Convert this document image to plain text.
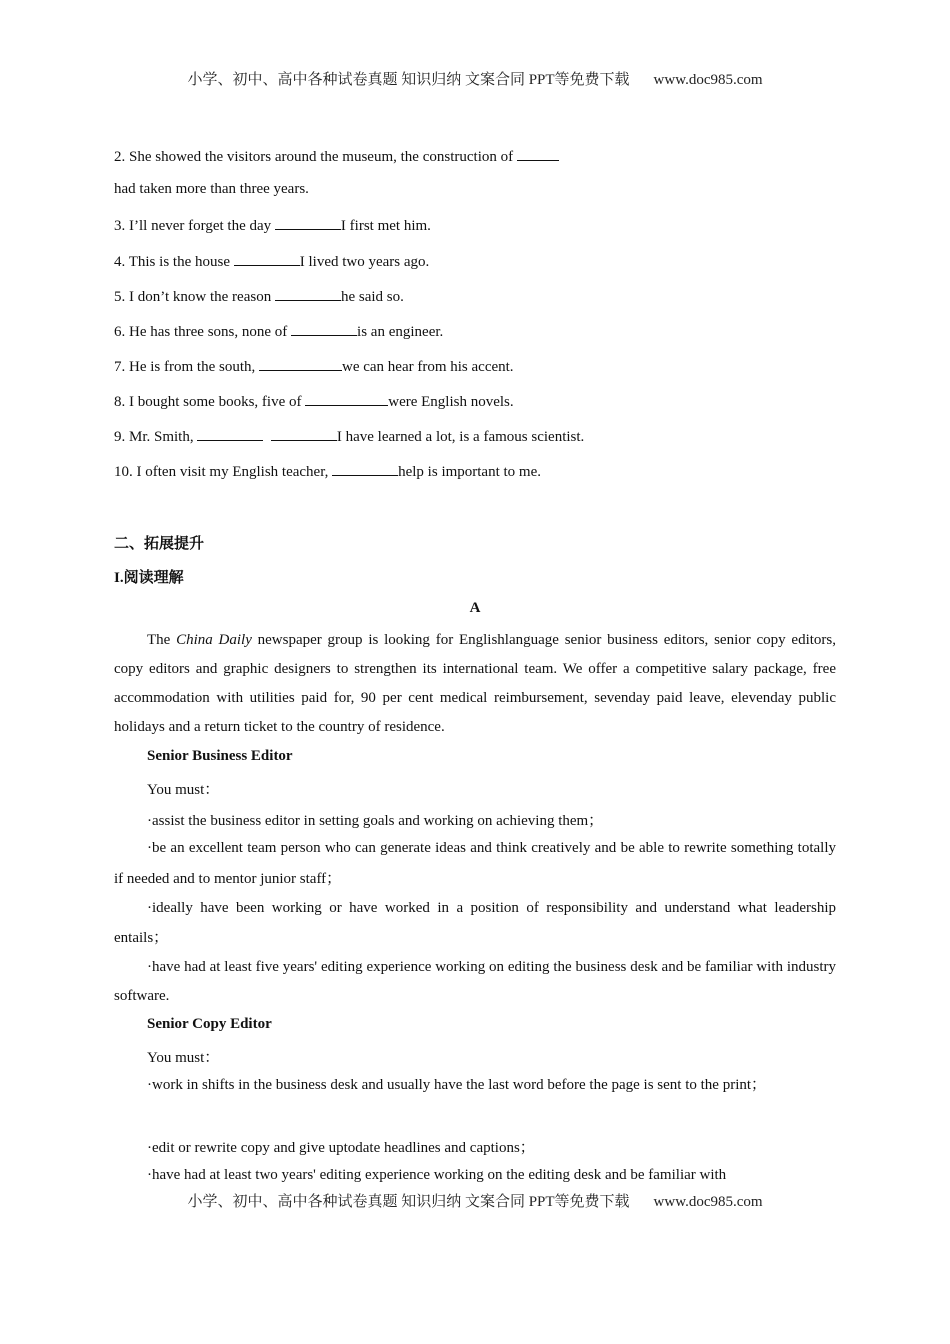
小学、初中、高中各种试卷真题 知识归纳 文案合同 PPT等免费下载 www.doc985.com
2. She showed the visitors around the museum, the construction of
had taken more than three years.
3. I’ll never forget the day	I first met him.
4. This is the house	I lived two years ago.
5. I don’t know the reason	he said so.
6. He has three sons, none of	is an engineer.
7. He is from the south,	we can hear from his accent.
8. I bought some books, five of	were English novels.
9. Mr. Smith,	I have learned a lot, is a famous scientist.
10. I often visit my English teacher,	help is important to me.
二、拓展提升
I.阅读理解
A
The China Daily newspaper group is looking for Englishlanguage senior business editors, senior copy editors, copy editors and graphic designers to strengthen its international team. We offer a competitive salary package, free accommodation with utilities paid for, 90 per cent medical reimbursement, sevenday paid leave, elevenday public holidays and a return ticket to the country of residence.
Senior Business Editor
You must：
·assist the business editor in setting goals and working on achieving them；
·be an excellent team person who can generate ideas and think creatively and be able to rewrite something totally if needed and to mentor junior staff；
·ideally have been working or have worked in a position of responsibility and understand what leadership entails；
·have had at least five years' editing experience working on editing the business desk and be familiar with industry software.
Senior Copy Editor
You must：
·work in shifts in the business desk and usually have the last word before the page is sent to the print；
·edit or rewrite copy and give uptodate headlines and captions；
·have had at least two years' editing experience working on the editing desk and be familiar with
小学、初中、高中各种试卷真题 知识归纳 文案合同 PPT等免费下载 www.doc985.com
